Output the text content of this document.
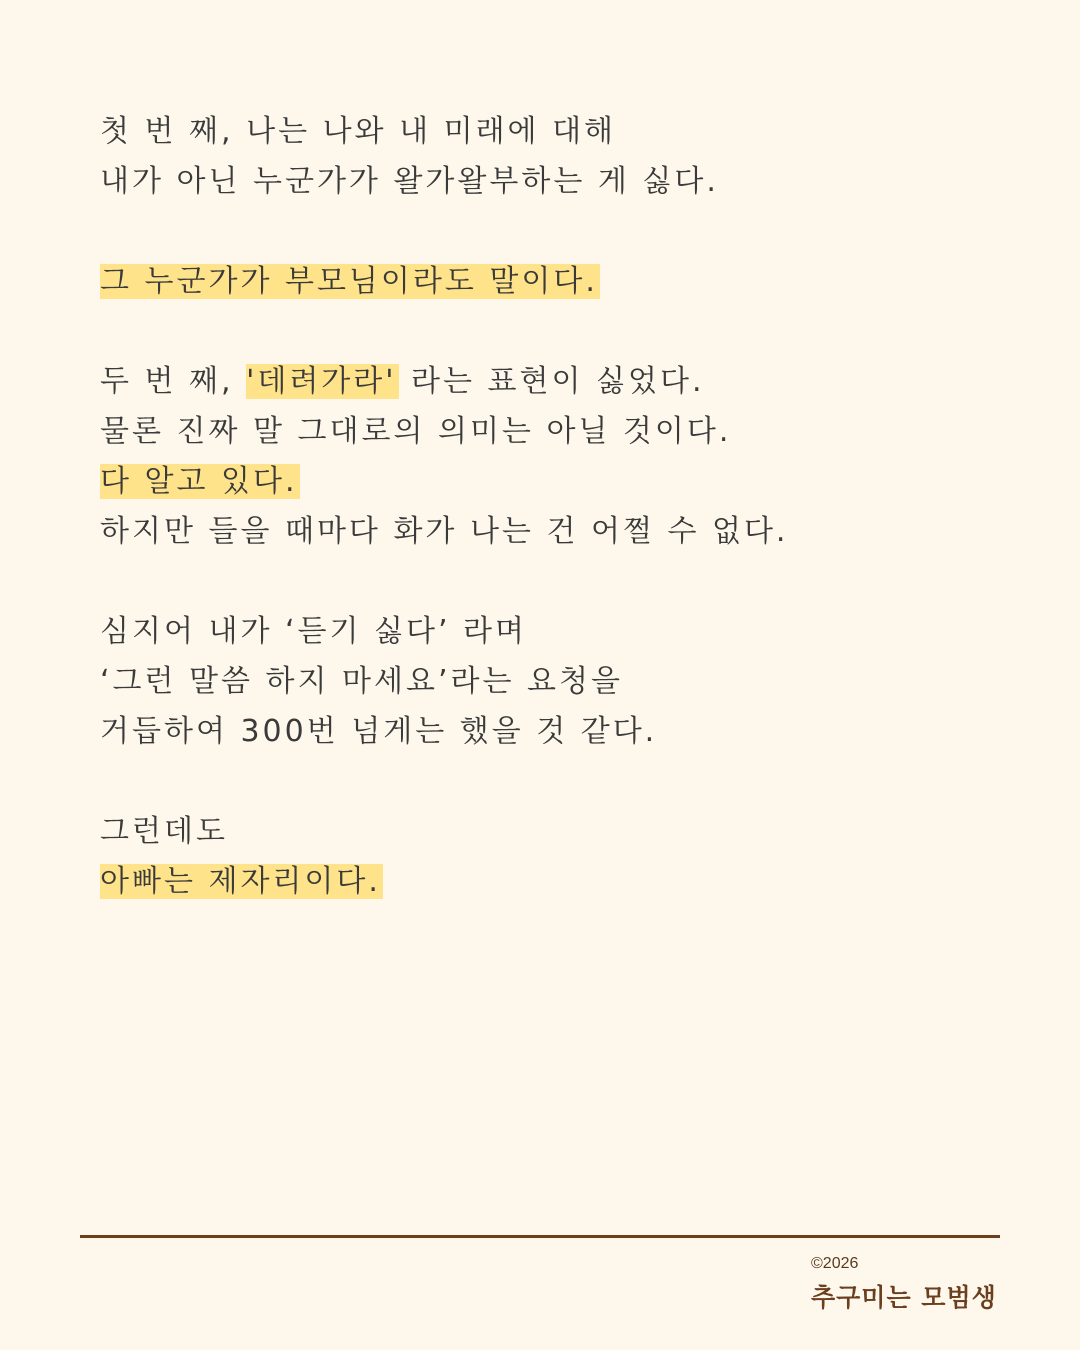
첫 번 째, 나는 나와 내 미래에 대해
내가 아닌 누군가가 왈가왈부하는 게 싫다.
그 누군가가 부모님이라도 말이다.
두 번 째, '데려가라' 라는 표현이 싫었다.
물론 진짜 말 그대로의 의미는 아닐 것이다.
다 알고 있다.
하지만 들을 때마다 화가 나는 건 어쩔 수 없다.
심지어 내가 ‘듣기 싫다’ 라며
‘그런 말씀 하지 마세요’라는 요청을
거듭하여 300번 넘게는 했을 것 같다.
그런데도
아빠는 제자리이다.
©2026
추구미는 모범생
